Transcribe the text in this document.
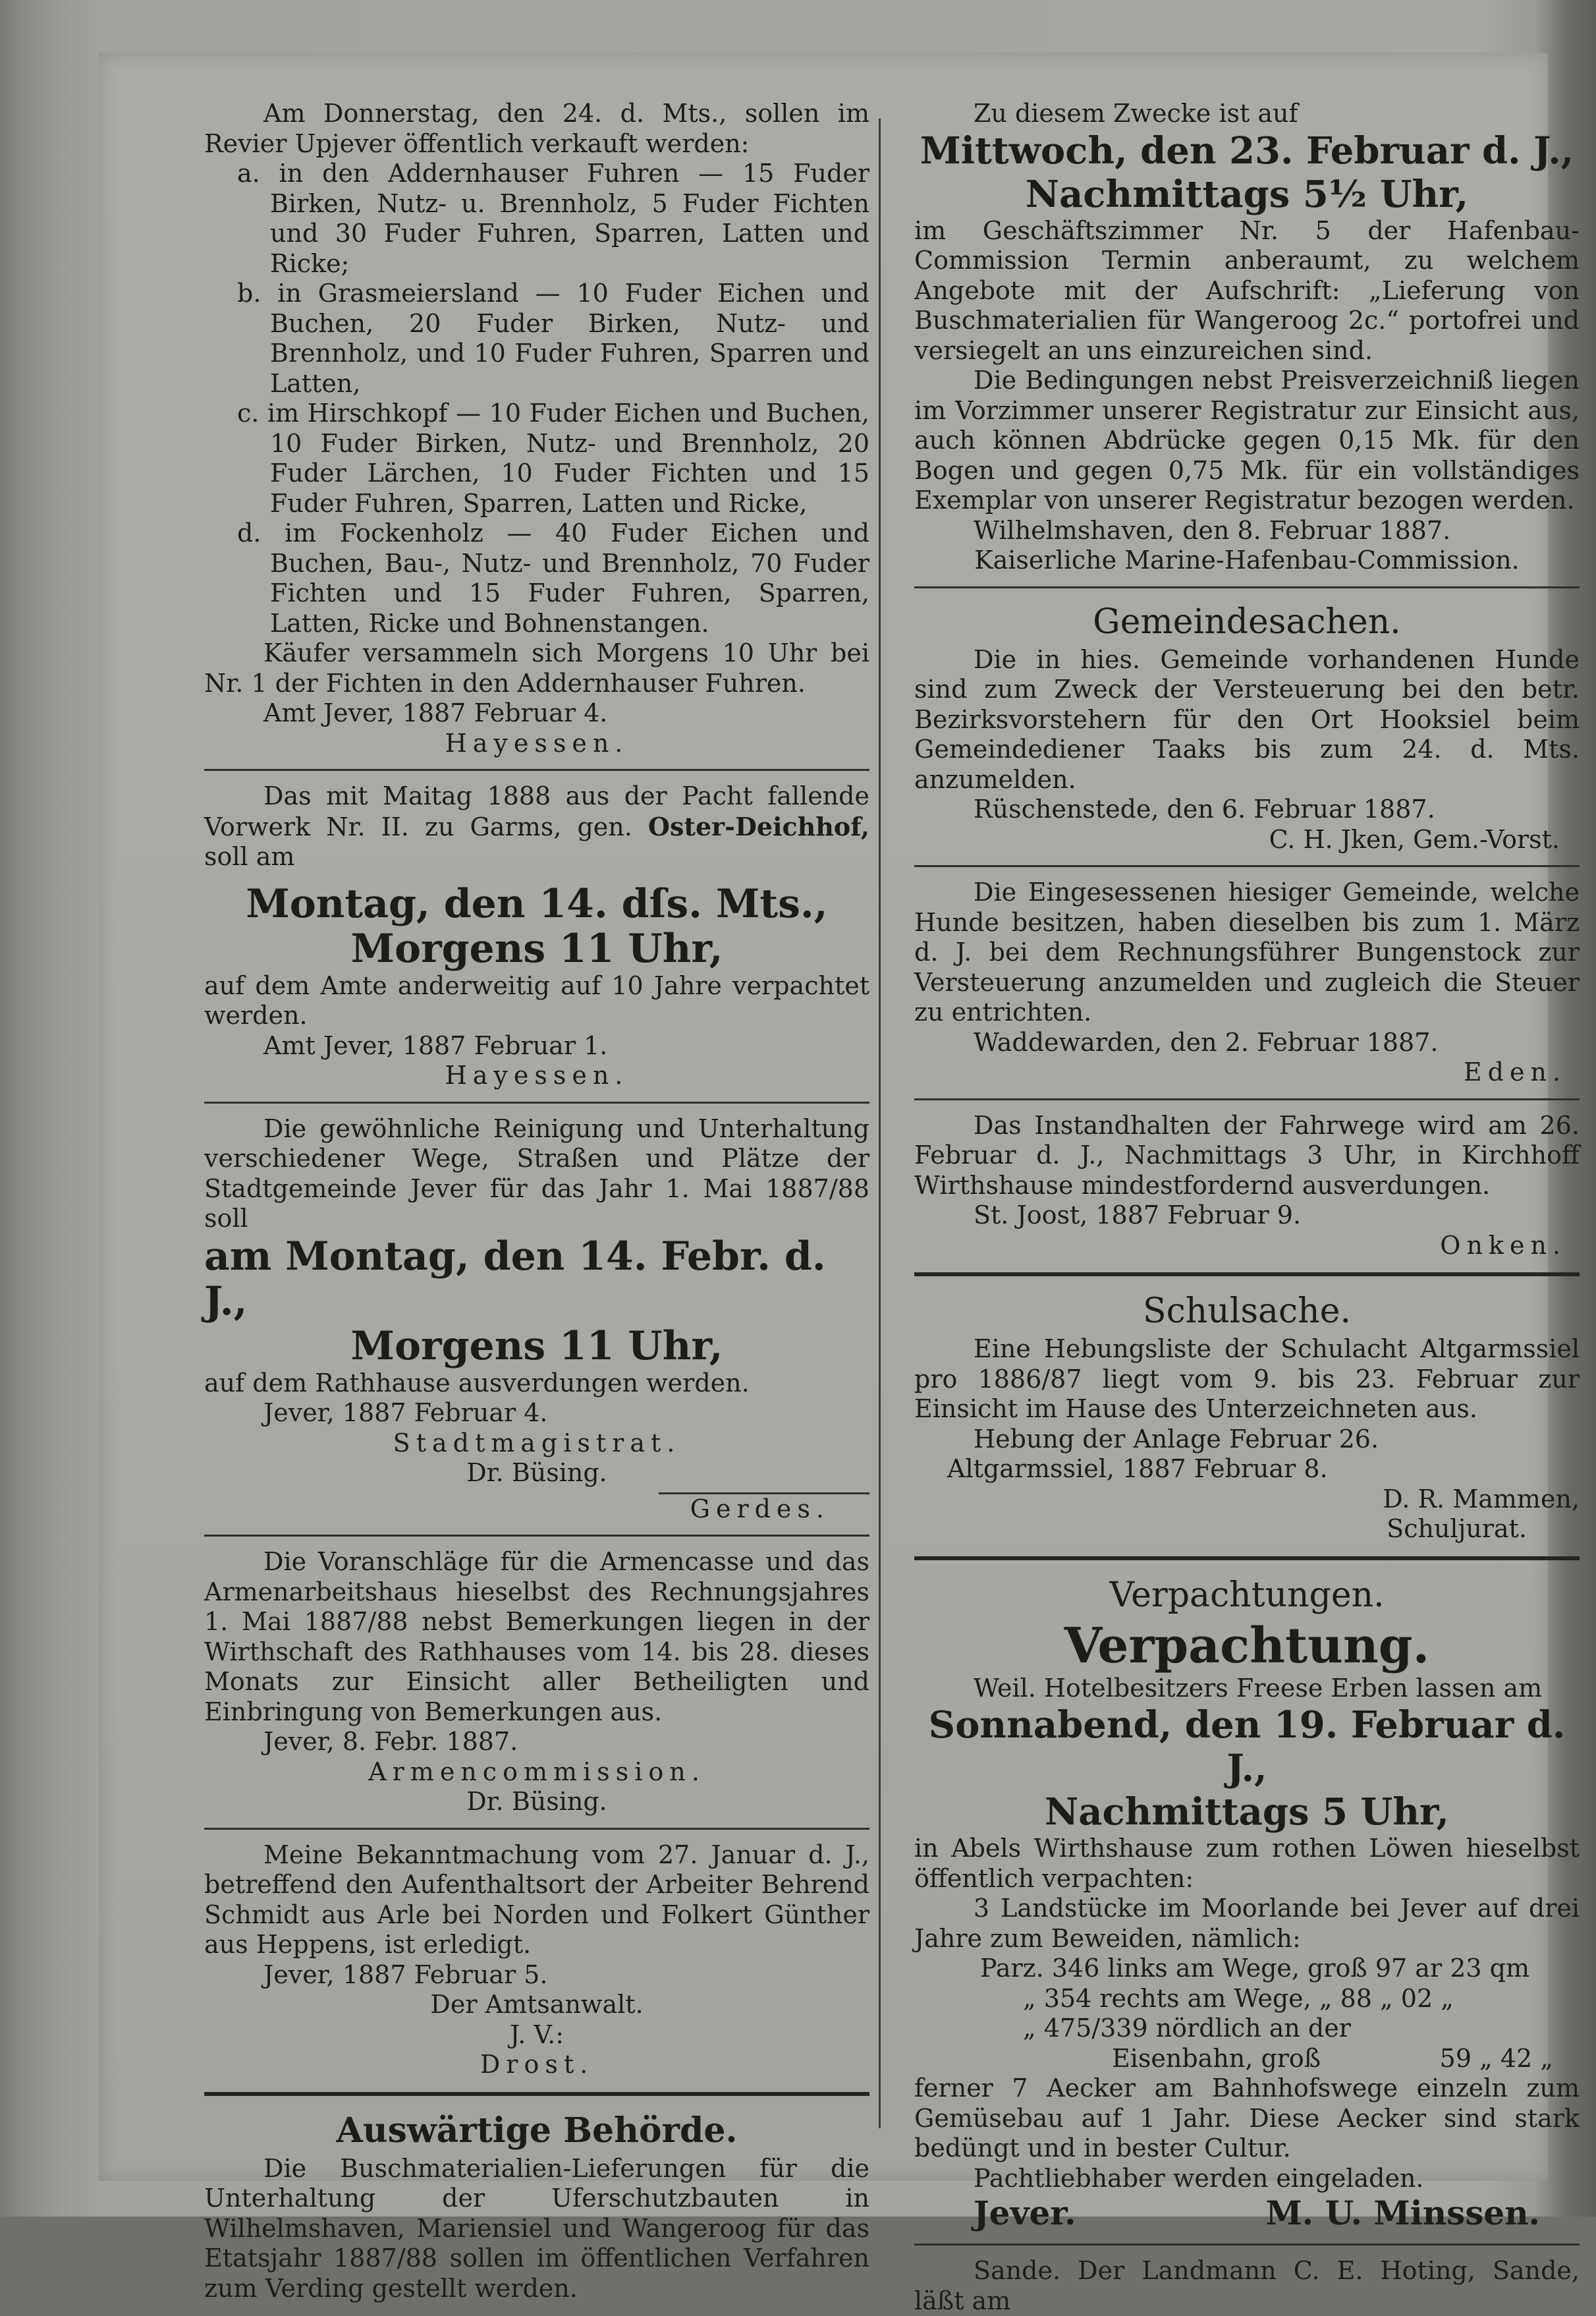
Am Donnerstag, den 24. d. Mts., sollen im Revier Upjever öffentlich verkauft werden:

a. in den Addernhauser Fuhren — 15 Fuder Birken, Nutz- u. Brennholz, 5 Fuder Fichten und 30 Fuder Fuhren, Sparren, Latten und Ricke;

b. in Grasmeiersland — 10 Fuder Eichen und Buchen, 20 Fuder Birken, Nutz- und Brennholz, und 10 Fuder Fuhren, Sparren und Latten,

c. im Hirschkopf — 10 Fuder Eichen und Buchen, 10 Fuder Birken, Nutz- und Brennholz, 20 Fuder Lärchen, 10 Fuder Fichten und 15 Fuder Fuhren, Sparren, Latten und Ricke,

d. im Fockenholz — 40 Fuder Eichen und Buchen, Bau-, Nutz- und Brennholz, 70 Fuder Fichten und 15 Fuder Fuhren, Sparren, Latten, Ricke und Bohnenstangen.

Käufer versammeln sich Morgens 10 Uhr bei Nr. 1 der Fichten in den Addernhauser Fuhren.

Amt Jever, 1887 Februar 4.

Hayessen.

Das mit Maitag 1888 aus der Pacht fallende Vorwerk Nr. II. zu Garms, gen. Oster-Deichhof, soll am

Montag, den 14. dſs. Mts.,

Morgens 11 Uhr,

auf dem Amte anderweitig auf 10 Jahre verpachtet werden.

Amt Jever, 1887 Februar 1.

Hayessen.

Die gewöhnliche Reinigung und Unterhaltung verschiedener Wege, Straßen und Plätze der Stadtgemeinde Jever für das Jahr 1. Mai 1887/88 soll

am Montag, den 14. Febr. d. J.,

Morgens 11 Uhr,

auf dem Rathhause ausverdungen werden.

Jever, 1887 Februar 4.

Stadtmagistrat.

Dr. Büsing.

Gerdes.

Die Voranschläge für die Armencasse und das Armenarbeitshaus hieselbst des Rechnungsjahres 1. Mai 1887/88 nebst Bemerkungen liegen in der Wirthschaft des Rathhauses vom 14. bis 28. dieses Monats zur Einsicht aller Betheiligten und Einbringung von Bemerkungen aus.

Jever, 8. Febr. 1887.

Armencommission.

Dr. Büsing.

Meine Bekanntmachung vom 27. Januar d. J., betreffend den Aufenthaltsort der Arbeiter Behrend Schmidt aus Arle bei Norden und Folkert Günther aus Heppens, ist erledigt.

Jever, 1887 Februar 5.

Der Amtsanwalt.

J. V.:

Drost.

Auswärtige Behörde.

Die Buschmaterialien-Lieferungen für die Unterhaltung der Uferschutzbauten in Wilhelmshaven, Mariensiel und Wangeroog für das Etatsjahr 1887/88 sollen im öffentlichen Verfahren zum Verding gestellt werden.

Zu diesem Zwecke ist auf

Mittwoch, den 23. Februar d. J.,

Nachmittags 5½ Uhr,

im Geschäftszimmer Nr. 5 der Hafenbau-Commission Termin anberaumt, zu welchem Angebote mit der Aufschrift: „Lieferung von Buschmaterialien für Wangeroog 2c.“ portofrei und versiegelt an uns einzureichen sind.

Die Bedingungen nebst Preisverzeichniß liegen im Vorzimmer unserer Registratur zur Einsicht aus, auch können Abdrücke gegen 0,15 Mk. für den Bogen und gegen 0,75 Mk. für ein vollständiges Exemplar von unserer Registratur bezogen werden.

Wilhelmshaven, den 8. Februar 1887.

Kaiserliche Marine-Hafenbau-Commission.

Gemeindesachen.

Die in hies. Gemeinde vorhandenen Hunde sind zum Zweck der Versteuerung bei den betr. Bezirksvorstehern für den Ort Hooksiel beim Gemeindediener Taaks bis zum 24. d. Mts. anzumelden.

Rüschenstede, den 6. Februar 1887.

C. H. Jken, Gem.-Vorst.

Die Eingesessenen hiesiger Gemeinde, welche Hunde besitzen, haben dieselben bis zum 1. März d. J. bei dem Rechnungsführer Bungenstock zur Versteuerung anzumelden und zugleich die Steuer zu entrichten.

Waddewarden, den 2. Februar 1887.

Eden.

Das Instandhalten der Fahrwege wird am 26. Februar d. J., Nachmittags 3 Uhr, in Kirchhoff Wirthshause mindestfordernd ausverdungen.

St. Joost, 1887 Februar 9.

Onken.

Schulsache.

Eine Hebungsliste der Schulacht Altgarmssiel pro 1886/87 liegt vom 9. bis 23. Februar zur Einsicht im Hause des Unterzeichneten aus.

Hebung der Anlage Februar 26.

Altgarmssiel, 1887 Februar 8.

D. R. Mammen,

Schuljurat.

Verpachtungen.

Verpachtung.

Weil. Hotelbesitzers Freese Erben lassen am

Sonnabend, den 19. Februar d. J.,

Nachmittags 5 Uhr,

in Abels Wirthshause zum rothen Löwen hieselbst öffentlich verpachten:

3 Landstücke im Moorlande bei Jever auf drei Jahre zum Beweiden, nämlich:

Parz. 346 links am Wege, groß 97 ar 23 qm

„ 354 rechts am Wege, „ 88 „ 02 „

„ 475/339 nördlich an der

Eisenbahn, groß	59 „ 42 „

ferner 7 Aecker am Bahnhofswege einzeln zum Gemüsebau auf 1 Jahr. Diese Aecker sind stark bedüngt und in bester Cultur.

Pachtliebhaber werden eingeladen.

Jever.	M. U. Minssen.

Sande. Der Landmann C. E. Hoting, Sande, läßt am
